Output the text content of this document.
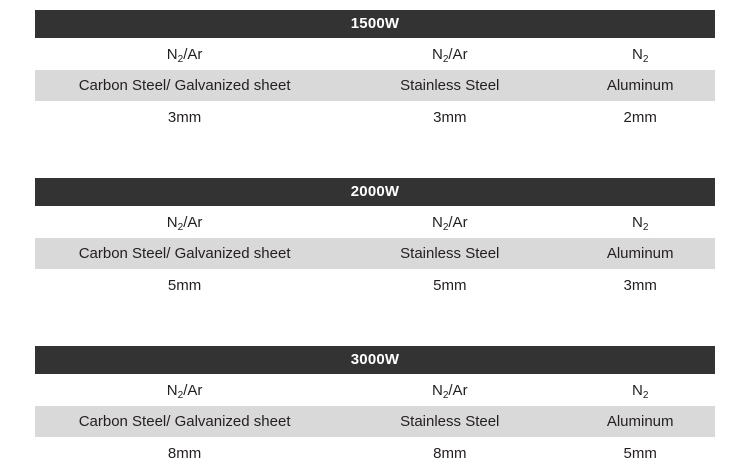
1500W
$N_2/Ar$	$N_2/Ar$	$N_2$
Carbon Steel/ Galvanized sheet	Stainless Steel	Aluminum
3mm	3mm	2mm
2000W
$N_2/Ar$	$N_2/Ar$	$N_2$
Carbon Steel/ Galvanized sheet	Stainless Steel	Aluminum
5mm	5mm	3mm
3000W
$N_2/Ar$	$N_2/Ar$	$N_2$
Carbon Steel/ Galvanized sheet	Stainless Steel	Aluminum
8mm	8mm	5mm
